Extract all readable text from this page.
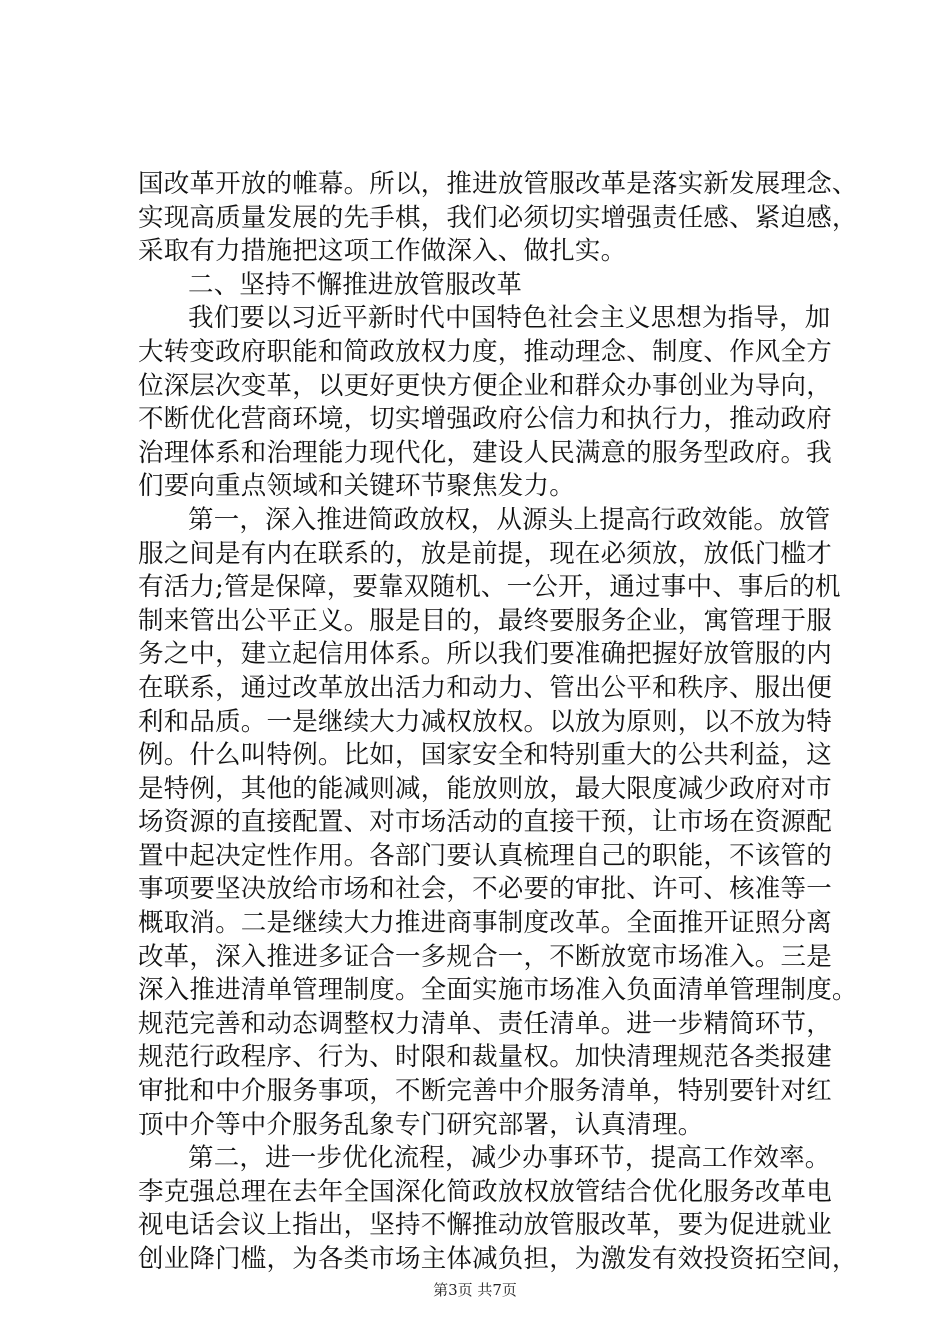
国改革开放的帷幕。所以，推进放管服改革是落实新发展理念、
实现高质量发展的先手棋，我们必须切实增强责任感、紧迫感，
采取有力措施把这项工作做深入、做扎实。
二、坚持不懈推进放管服改革
我们要以习近平新时代中国特色社会主义思想为指导，加
大转变政府职能和简政放权力度，推动理念、制度、作风全方
位深层次变革，以更好更快方便企业和群众办事创业为导向，
不断优化营商环境，切实增强政府公信力和执行力，推动政府
治理体系和治理能力现代化，建设人民满意的服务型政府。我
们要向重点领域和关键环节聚焦发力。
第一，深入推进简政放权，从源头上提高行政效能。放管
服之间是有内在联系的，放是前提，现在必须放，放低门槛才
有活力;管是保障，要靠双随机、一公开，通过事中、事后的机
制来管出公平正义。服是目的，最终要服务企业，寓管理于服
务之中，建立起信用体系。所以我们要准确把握好放管服的内
在联系，通过改革放出活力和动力、管出公平和秩序、服出便
利和品质。一是继续大力减权放权。以放为原则，以不放为特
例。什么叫特例。比如，国家安全和特别重大的公共利益，这
是特例，其他的能减则减，能放则放，最大限度减少政府对市
场资源的直接配置、对市场活动的直接干预，让市场在资源配
置中起决定性作用。各部门要认真梳理自己的职能，不该管的
事项要坚决放给市场和社会，不必要的审批、许可、核准等一
概取消。二是继续大力推进商事制度改革。全面推开证照分离
改革，深入推进多证合一多规合一，不断放宽市场准入。三是
深入推进清单管理制度。全面实施市场准入负面清单管理制度。
规范完善和动态调整权力清单、责任清单。进一步精简环节，
规范行政程序、行为、时限和裁量权。加快清理规范各类报建
审批和中介服务事项，不断完善中介服务清单，特别要针对红
顶中介等中介服务乱象专门研究部署，认真清理。
第二，进一步优化流程，减少办事环节，提高工作效率。
李克强总理在去年全国深化简政放权放管结合优化服务改革电
视电话会议上指出，坚持不懈推动放管服改革，要为促进就业
创业降门槛，为各类市场主体减负担，为激发有效投资拓空间，
第3页 共7页
